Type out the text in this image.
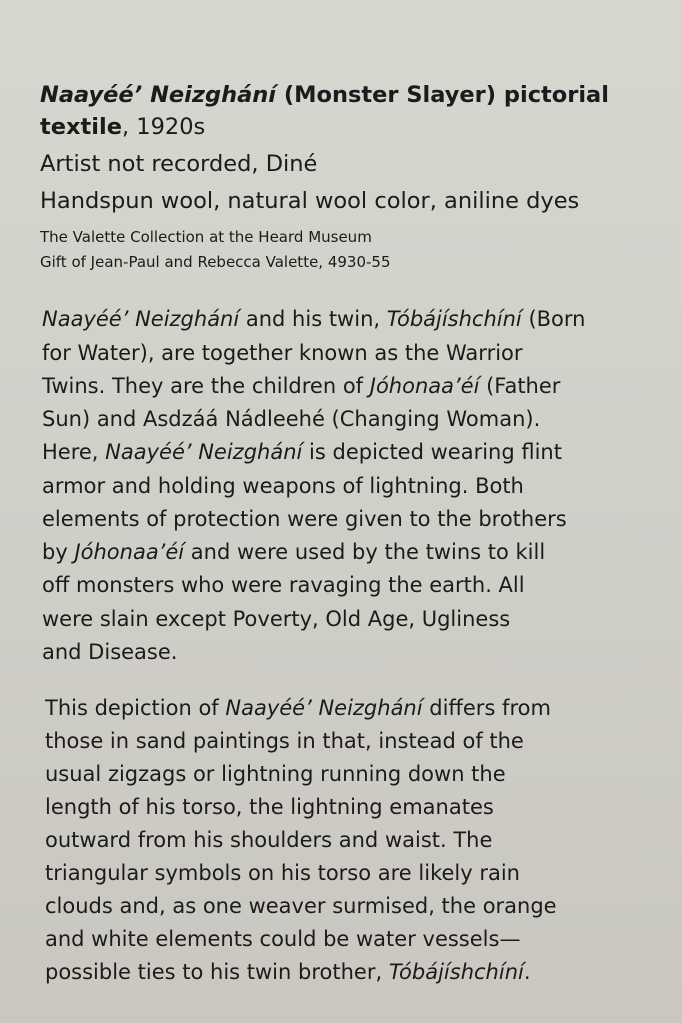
Naayéé’ Neizghání (Monster Slayer) pictorial
textile, 1920s
Artist not recorded, Diné
Handspun wool, natural wool color, aniline dyes
The Valette Collection at the Heard Museum
Gift of Jean-Paul and Rebecca Valette, 4930-55
Naayéé’ Neizghání and his twin, Tóbájíshchíní (Born
for Water), are together known as the Warrior
Twins. They are the children of Jóhonaa’éí (Father
Sun) and Asdzáá Nádleehé (Changing Woman).
Here, Naayéé’ Neizghání is depicted wearing flint
armor and holding weapons of lightning. Both
elements of protection were given to the brothers
by Jóhonaa’éí and were used by the twins to kill
off monsters who were ravaging the earth. All
were slain except Poverty, Old Age, Ugliness
and Disease.
This depiction of Naayéé’ Neizghání differs from
those in sand paintings in that, instead of the
usual zigzags or lightning running down the
length of his torso, the lightning emanates
outward from his shoulders and waist. The
triangular symbols on his torso are likely rain
clouds and, as one weaver surmised, the orange
and white elements could be water vessels—
possible ties to his twin brother, Tóbájíshchíní.
